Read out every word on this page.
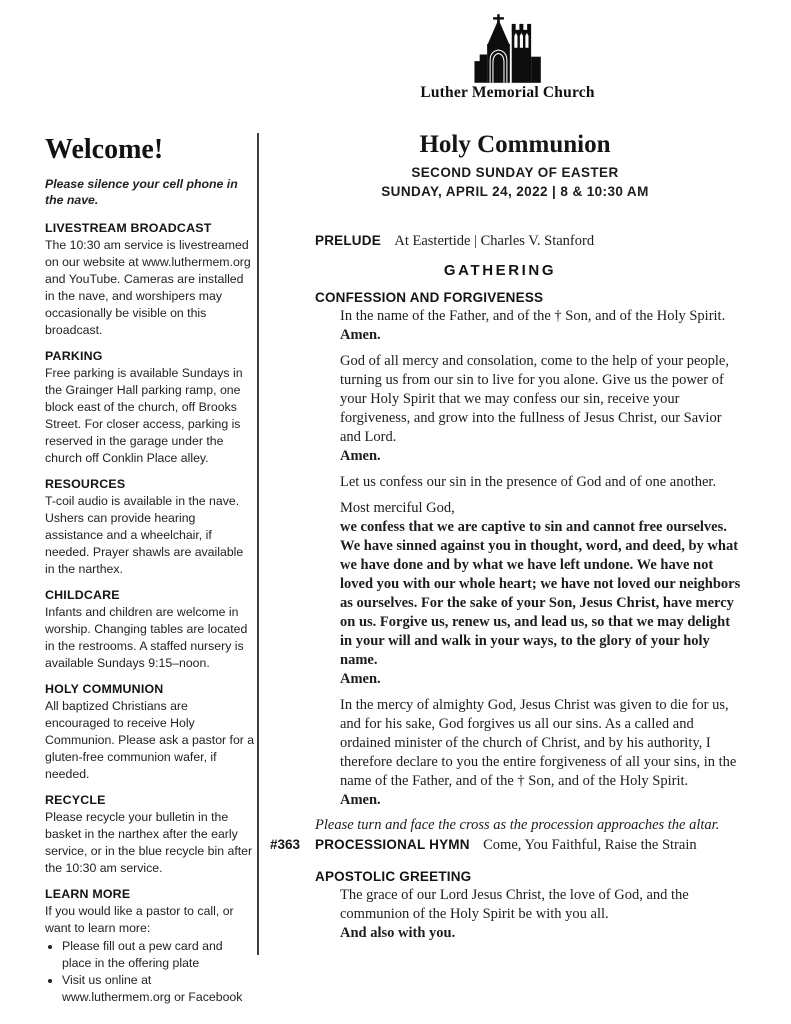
Luther Memorial Church
Holy Communion
SECOND SUNDAY OF EASTER
SUNDAY, APRIL 24, 2022 | 8 & 10:30 AM
Welcome!

Please silence your cell phone in the nave.

LIVESTREAM BROADCAST

The 10:30 am service is livestreamed on our website at www.luthermem.org and YouTube. Cameras are installed in the nave, and worshipers may occasionally be visible on this broadcast.

PARKING

Free parking is available Sundays in the Grainger Hall parking ramp, one block east of the church, off Brooks Street. For closer access, parking is reserved in the garage under the church off Conklin Place alley.

RESOURCES

T-coil audio is available in the nave. Ushers can provide hearing assistance and a wheelchair, if needed. Prayer shawls are available in the narthex.

CHILDCARE

Infants and children are welcome in worship. Changing tables are located in the restrooms. A staffed nursery is available Sundays 9:15–noon.

HOLY COMMUNION

All baptized Christians are encouraged to receive Holy Communion. Please ask a pastor for a gluten-free communion wafer, if needed.

RECYCLE

Please recycle your bulletin in the basket in the narthex after the early service, or in the blue recycle bin after the 10:30 am service.

LEARN MORE

If you would like a pastor to call, or want to learn more:

• Please fill out a pew card and place in the offering plate
• Visit us online at www.luthermem.org or Facebook
PRELUDE At Eastertide | Charles V. Stanford
GATHERING
CONFESSION AND FORGIVENESS

In the name of the Father, and of the † Son, and of the Holy Spirit.
Amen.

God of all mercy and consolation, come to the help of your people, turning us from our sin to live for you alone. Give us the power of your Holy Spirit that we may confess our sin, receive your forgiveness, and grow into the fullness of Jesus Christ, our Savior and Lord.
Amen.

Let us confess our sin in the presence of God and of one another.

Most merciful God,
we confess that we are captive to sin and cannot free ourselves. We have sinned against you in thought, word, and deed, by what we have done and by what we have left undone. We have not loved you with our whole heart; we have not loved our neighbors as ourselves. For the sake of your Son, Jesus Christ, have mercy on us. Forgive us, renew us, and lead us, so that we may delight in your will and walk in your ways, to the glory of your holy name.
Amen.

In the mercy of almighty God, Jesus Christ was given to die for us, and for his sake, God forgives us all our sins. As a called and ordained minister of the church of Christ, and by his authority, I therefore declare to you the entire forgiveness of all your sins, in the name of the Father, and of the † Son, and of the Holy Spirit.
Amen.

Please turn and face the cross as the procession approaches the altar.
#363 PROCESSIONAL HYMN Come, You Faithful, Raise the Strain
APOSTOLIC GREETING

The grace of our Lord Jesus Christ, the love of God, and the communion of the Holy Spirit be with you all.
And also with you.
